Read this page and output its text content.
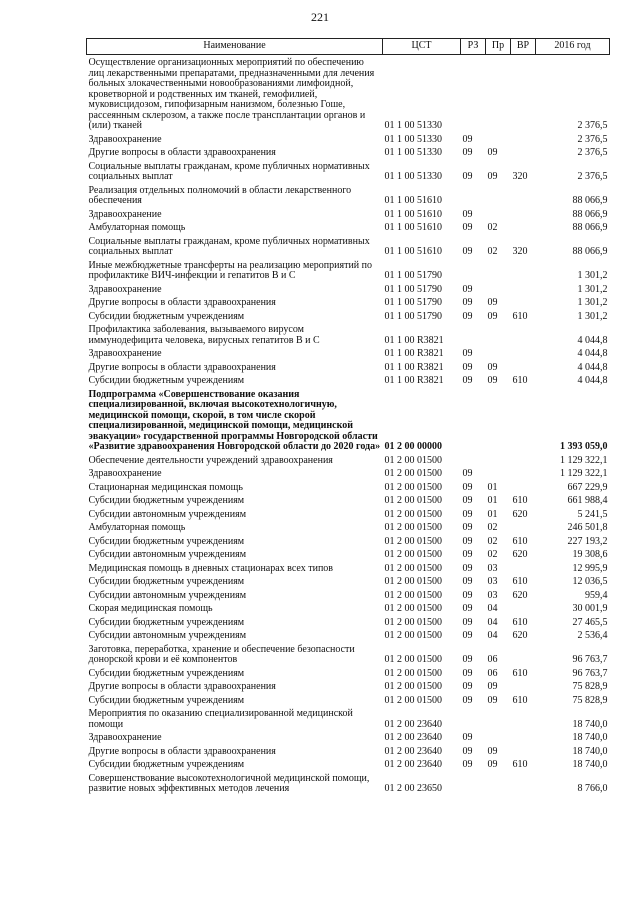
221
Наименование	ЦСТ	РЗ	Пр	ВР	2016 год
Осуществление организационных мероприятий по обеспечению лиц лекарственными препаратами, предназначенными для лечения больных злокачественными новообразованиями лимфоидной, кроветворной и родственных им тканей, гемофилией, муковисцидозом, гипофизарным нанизмом, болезнью Гоше, рассеянным склерозом, а также после трансплантации органов и (или) тканей	01 1 00 51330				2 376,5
Здравоохранение	01 1 00 51330	09			2 376,5
Другие вопросы в области здравоохранения	01 1 00 51330	09	09		2 376,5
Социальные выплаты гражданам, кроме публичных нормативных социальных выплат	01 1 00 51330	09	09	320	2 376,5
Реализация отдельных полномочий в области лекарственного обеспечения	01 1 00 51610				88 066,9
Здравоохранение	01 1 00 51610	09			88 066,9
Амбулаторная помощь	01 1 00 51610	09	02		88 066,9
Социальные выплаты гражданам, кроме публичных нормативных социальных выплат	01 1 00 51610	09	02	320	88 066,9
Иные межбюджетные трансферты на реализацию мероприятий по профилактике ВИЧ-инфекции и гепатитов В и С	01 1 00 51790				1 301,2
Здравоохранение	01 1 00 51790	09			1 301,2
Другие вопросы в области здравоохранения	01 1 00 51790	09	09		1 301,2
Субсидии бюджетным учреждениям	01 1 00 51790	09	09	610	1 301,2
Профилактика заболевания, вызываемого вирусом иммунодефицита человека, вирусных гепатитов В и С	01 1 00 R3821				4 044,8
Здравоохранение	01 1 00 R3821	09			4 044,8
Другие вопросы в области здравоохранения	01 1 00 R3821	09	09		4 044,8
Субсидии бюджетным учреждениям	01 1 00 R3821	09	09	610	4 044,8
Подпрограмма «Совершенствование оказания специализированной, включая высокотехнологичную, медицинской помощи, скорой, в том числе скорой специализированной, медицинской помощи, медицинской эвакуации» государственной программы Новгородской области «Развитие здравоохранения Новгородской области до 2020 года»	01 2 00 00000				1 393 059,0
Обеспечение деятельности учреждений здравоохранения	01 2 00 01500				1 129 322,1
Здравоохранение	01 2 00 01500	09			1 129 322,1
Стационарная медицинская помощь	01 2 00 01500	09	01		667 229,9
Субсидии бюджетным учреждениям	01 2 00 01500	09	01	610	661 988,4
Субсидии автономным учреждениям	01 2 00 01500	09	01	620	5 241,5
Амбулаторная помощь	01 2 00 01500	09	02		246 501,8
Субсидии бюджетным учреждениям	01 2 00 01500	09	02	610	227 193,2
Субсидии автономным учреждениям	01 2 00 01500	09	02	620	19 308,6
Медицинская помощь в дневных стационарах всех типов	01 2 00 01500	09	03		12 995,9
Субсидии бюджетным учреждениям	01 2 00 01500	09	03	610	12 036,5
Субсидии автономным учреждениям	01 2 00 01500	09	03	620	959,4
Скорая медицинская помощь	01 2 00 01500	09	04		30 001,9
Субсидии бюджетным учреждениям	01 2 00 01500	09	04	610	27 465,5
Субсидии автономным учреждениям	01 2 00 01500	09	04	620	2 536,4
Заготовка, переработка, хранение и обеспечение безопасности донорской крови и её компонентов	01 2 00 01500	09	06		96 763,7
Субсидии бюджетным учреждениям	01 2 00 01500	09	06	610	96 763,7
Другие вопросы в области здравоохранения	01 2 00 01500	09	09		75 828,9
Субсидии бюджетным учреждениям	01 2 00 01500	09	09	610	75 828,9
Мероприятия по оказанию специализированной медицинской помощи	01 2 00 23640				18 740,0
Здравоохранение	01 2 00 23640	09			18 740,0
Другие вопросы в области здравоохранения	01 2 00 23640	09	09		18 740,0
Субсидии бюджетным учреждениям	01 2 00 23640	09	09	610	18 740,0
Совершенствование высокотехнологичной медицинской помощи, развитие новых эффективных методов лечения	01 2 00 23650				8 766,0
